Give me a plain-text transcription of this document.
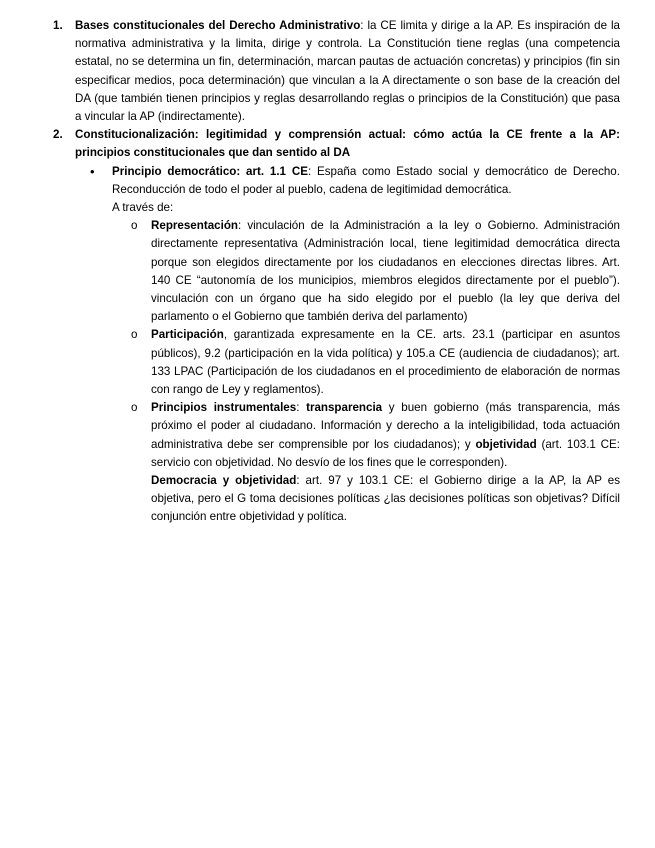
1. Bases constitucionales del Derecho Administrativo: la CE limita y dirige a la AP. Es inspiración de la normativa administrativa y la limita, dirige y controla. La Constitución tiene reglas (una competencia estatal, no se determina un fin, determinación, marcan pautas de actuación concretas) y principios (fin sin especificar medios, poca determinación) que vinculan a la A directamente o son base de la creación del DA (que también tienen principios y reglas desarrollando reglas o principios de la Constitución) que pasa a vincular la AP (indirectamente).
2. Constitucionalización: legitimidad y comprensión actual: cómo actúa la CE frente a la AP: principios constitucionales que dan sentido al DA
• Principio democrático: art. 1.1 CE: España como Estado social y democrático de Derecho. Reconducción de todo el poder al pueblo, cadena de legitimidad democrática.
A través de:
o Representación: vinculación de la Administración a la ley o Gobierno. Administración directamente representativa (Administración local, tiene legitimidad democrática directa porque son elegidos directamente por los ciudadanos en elecciones directas libres. Art. 140 CE “autonomía de los municipios, miembros elegidos directamente por el pueblo”). vinculación con un órgano que ha sido elegido por el pueblo (la ley que deriva del parlamento o el Gobierno que también deriva del parlamento)
o Participación, garantizada expresamente en la CE. arts. 23.1 (participar en asuntos públicos), 9.2 (participación en la vida política) y 105.a CE (audiencia de ciudadanos); art. 133 LPAC (Participación de los ciudadanos en el procedimiento de elaboración de normas con rango de Ley y reglamentos).
o Principios instrumentales: transparencia y buen gobierno (más transparencia, más próximo el poder al ciudadano. Información y derecho a la inteligibilidad, toda actuación administrativa debe ser comprensible por los ciudadanos); y objetividad (art. 103.1 CE: servicio con objetividad. No desvío de los fines que le corresponden).
Democracia y objetividad: art. 97 y 103.1 CE: el Gobierno dirige a la AP, la AP es objetiva, pero el G toma decisiones políticas ¿las decisiones políticas son objetivas? Difícil conjunción entre objetividad y política.
